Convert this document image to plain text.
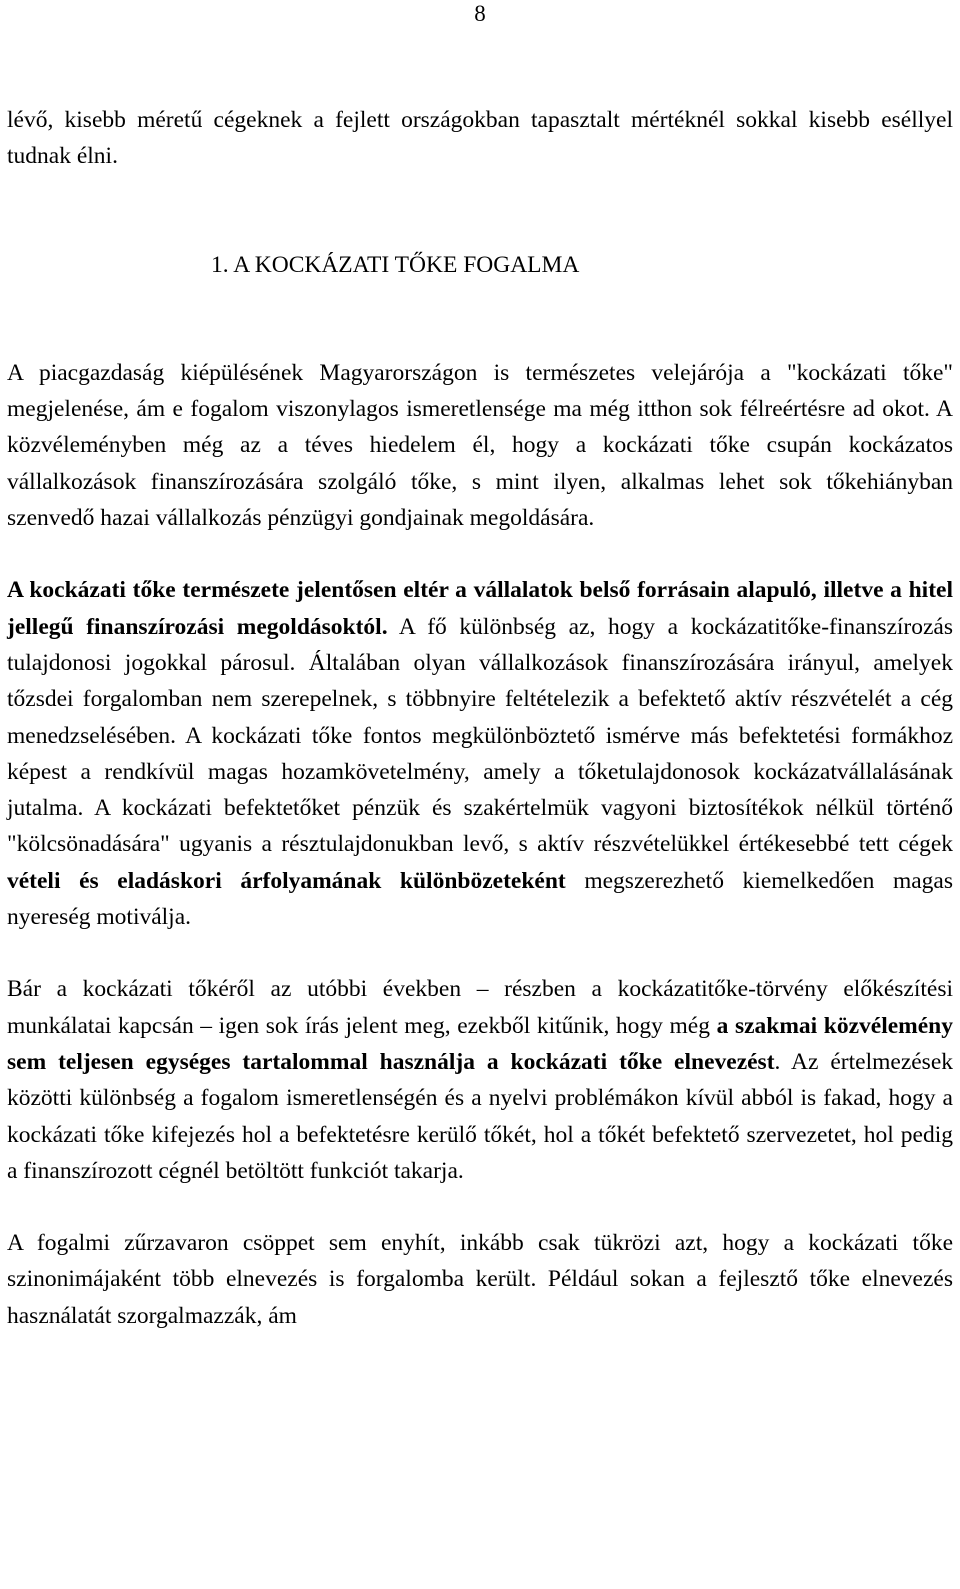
8

lévő, kisebb méretű cégeknek a fejlett országokban tapasztalt mértéknél sokkal kisebb eséllyel tudnak élni.

1. A KOCKÁZATI TŐKE FOGALMA

A piacgazdaság kiépülésének Magyarországon is természetes velejárója a "kockázati tőke" megjelenése, ám e fogalom viszonylagos ismeretlensége ma még itthon sok félreértésre ad okot. A közvéleményben még az a téves hiedelem él, hogy a kockázati tőke csupán kockázatos vállalkozások finanszírozására szolgáló tőke, s mint ilyen, alkalmas lehet sok tőkehiányban szenvedő hazai vállalkozás pénzügyi gondjainak megoldására.

A kockázati tőke természete jelentősen eltér a vállalatok belső forrásain alapuló, illetve a hitel jellegű finanszírozási megoldásoktól. A fő különbség az, hogy a kockázatitőke-finanszírozás tulajdonosi jogokkal párosul. Általában olyan vállalkozások finanszírozására irányul, amelyek tőzsdei forgalomban nem szerepelnek, s többnyire feltételezik a befektető aktív részvételét a cég menedzselésében. A kockázati tőke fontos megkülönböztető ismérve más befektetési formákhoz képest a rendkívül magas hozamkövetelmény, amely a tőketulajdonosok kockázatvállalásának jutalma. A kockázati befektetőket pénzük és szakértelmük vagyoni biztosítékok nélkül történő "kölcsönadására" ugyanis a résztulajdonukban levő, s aktív részvételükkel értékesebbé tett cégek vételi és eladáskori árfolyamának különbözeteként megszerezhető kiemelkedően magas nyereség motiválja.

Bár a kockázati tőkéről az utóbbi években – részben a kockázatitőke-törvény előkészítési munkálatai kapcsán – igen sok írás jelent meg, ezekből kitűnik, hogy még a szakmai közvélemény sem teljesen egységes tartalommal használja a kockázati tőke elnevezést. Az értelmezések közötti különbség a fogalom ismeretlenségén és a nyelvi problémákon kívül abból is fakad, hogy a kockázati tőke kifejezés hol a befektetésre kerülő tőkét, hol a tőkét befektető szervezetet, hol pedig a finanszírozott cégnél betöltött funkciót takarja.

A fogalmi zűrzavaron csöppet sem enyhít, inkább csak tükrözi azt, hogy a kockázati tőke szinonimájaként több elnevezés is forgalomba került. Például sokan a fejlesztő tőke elnevezés használatát szorgalmazzák, ám
